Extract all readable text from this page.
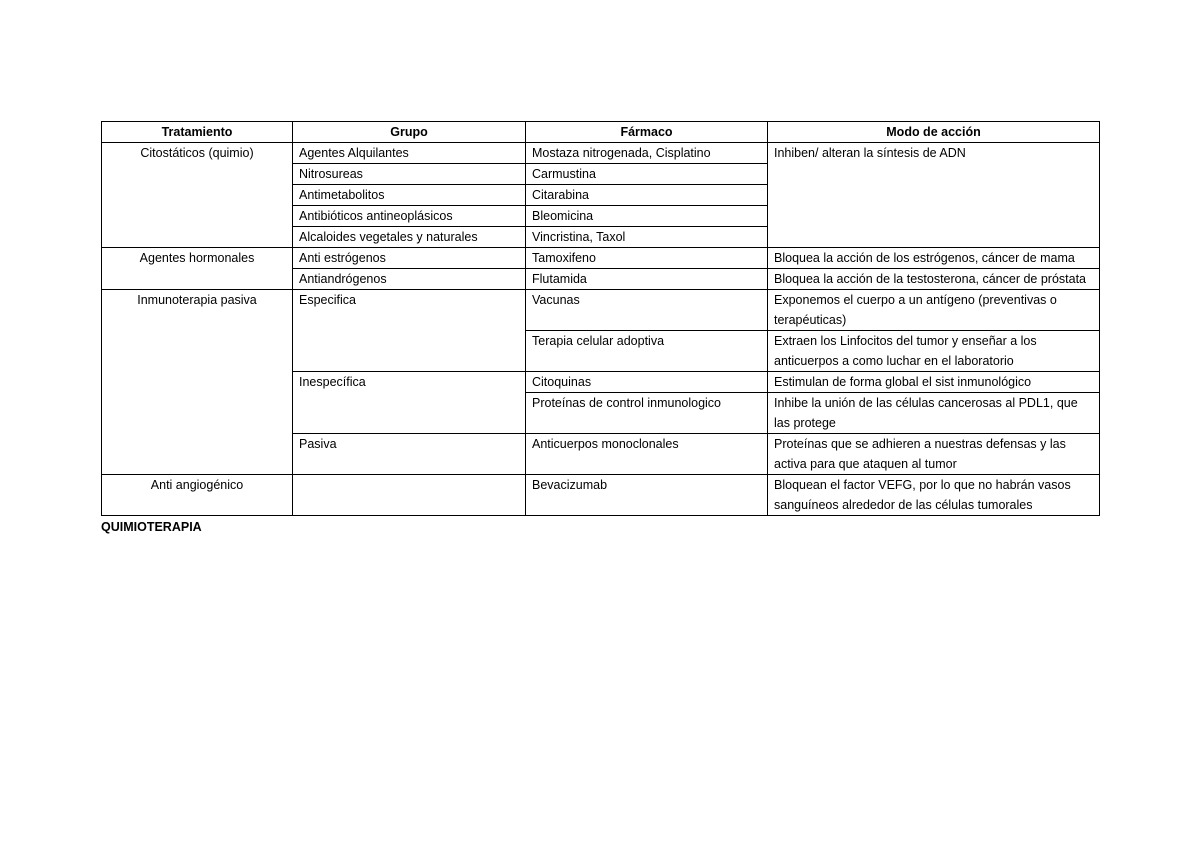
Tratamiento	Grupo	Fármaco	Modo de acción
Citostáticos (quimio)	Agentes Alquilantes	Mostaza nitrogenada, Cisplatino	Inhiben/ alteran la síntesis de ADN
	Nitrosureas	Carmustina	
	Antimetabolitos	Citarabina	
	Antibióticos antineoplásicos	Bleomicina	
	Alcaloides vegetales y naturales	Vincristina, Taxol	
Agentes hormonales	Anti estrógenos	Tamoxifeno	Bloquea la acción de los estrógenos, cáncer de mama
	Antiandrógenos	Flutamida	Bloquea la acción de la testosterona, cáncer de próstata
Inmunoterapia pasiva	Especifica	Vacunas	Exponemos el cuerpo a un antígeno (preventivas o terapéuticas)
		Terapia celular adoptiva	Extraen los Linfocitos del tumor y enseñar a los anticuerpos a como luchar en el laboratorio
	Inespecífica	Citoquinas	Estimulan de forma global el sist inmunológico
		Proteínas de control inmunologico	Inhibe la unión de las células cancerosas al PDL1, que las protege
	Pasiva	Anticuerpos monoclonales	Proteínas que se adhieren a nuestras defensas y las activa para que ataquen al tumor
Anti angiogénico		Bevacizumab	Bloquean el factor VEFG, por lo que no habrán vasos sanguíneos alrededor de las células tumorales
QUIMIOTERAPIA
